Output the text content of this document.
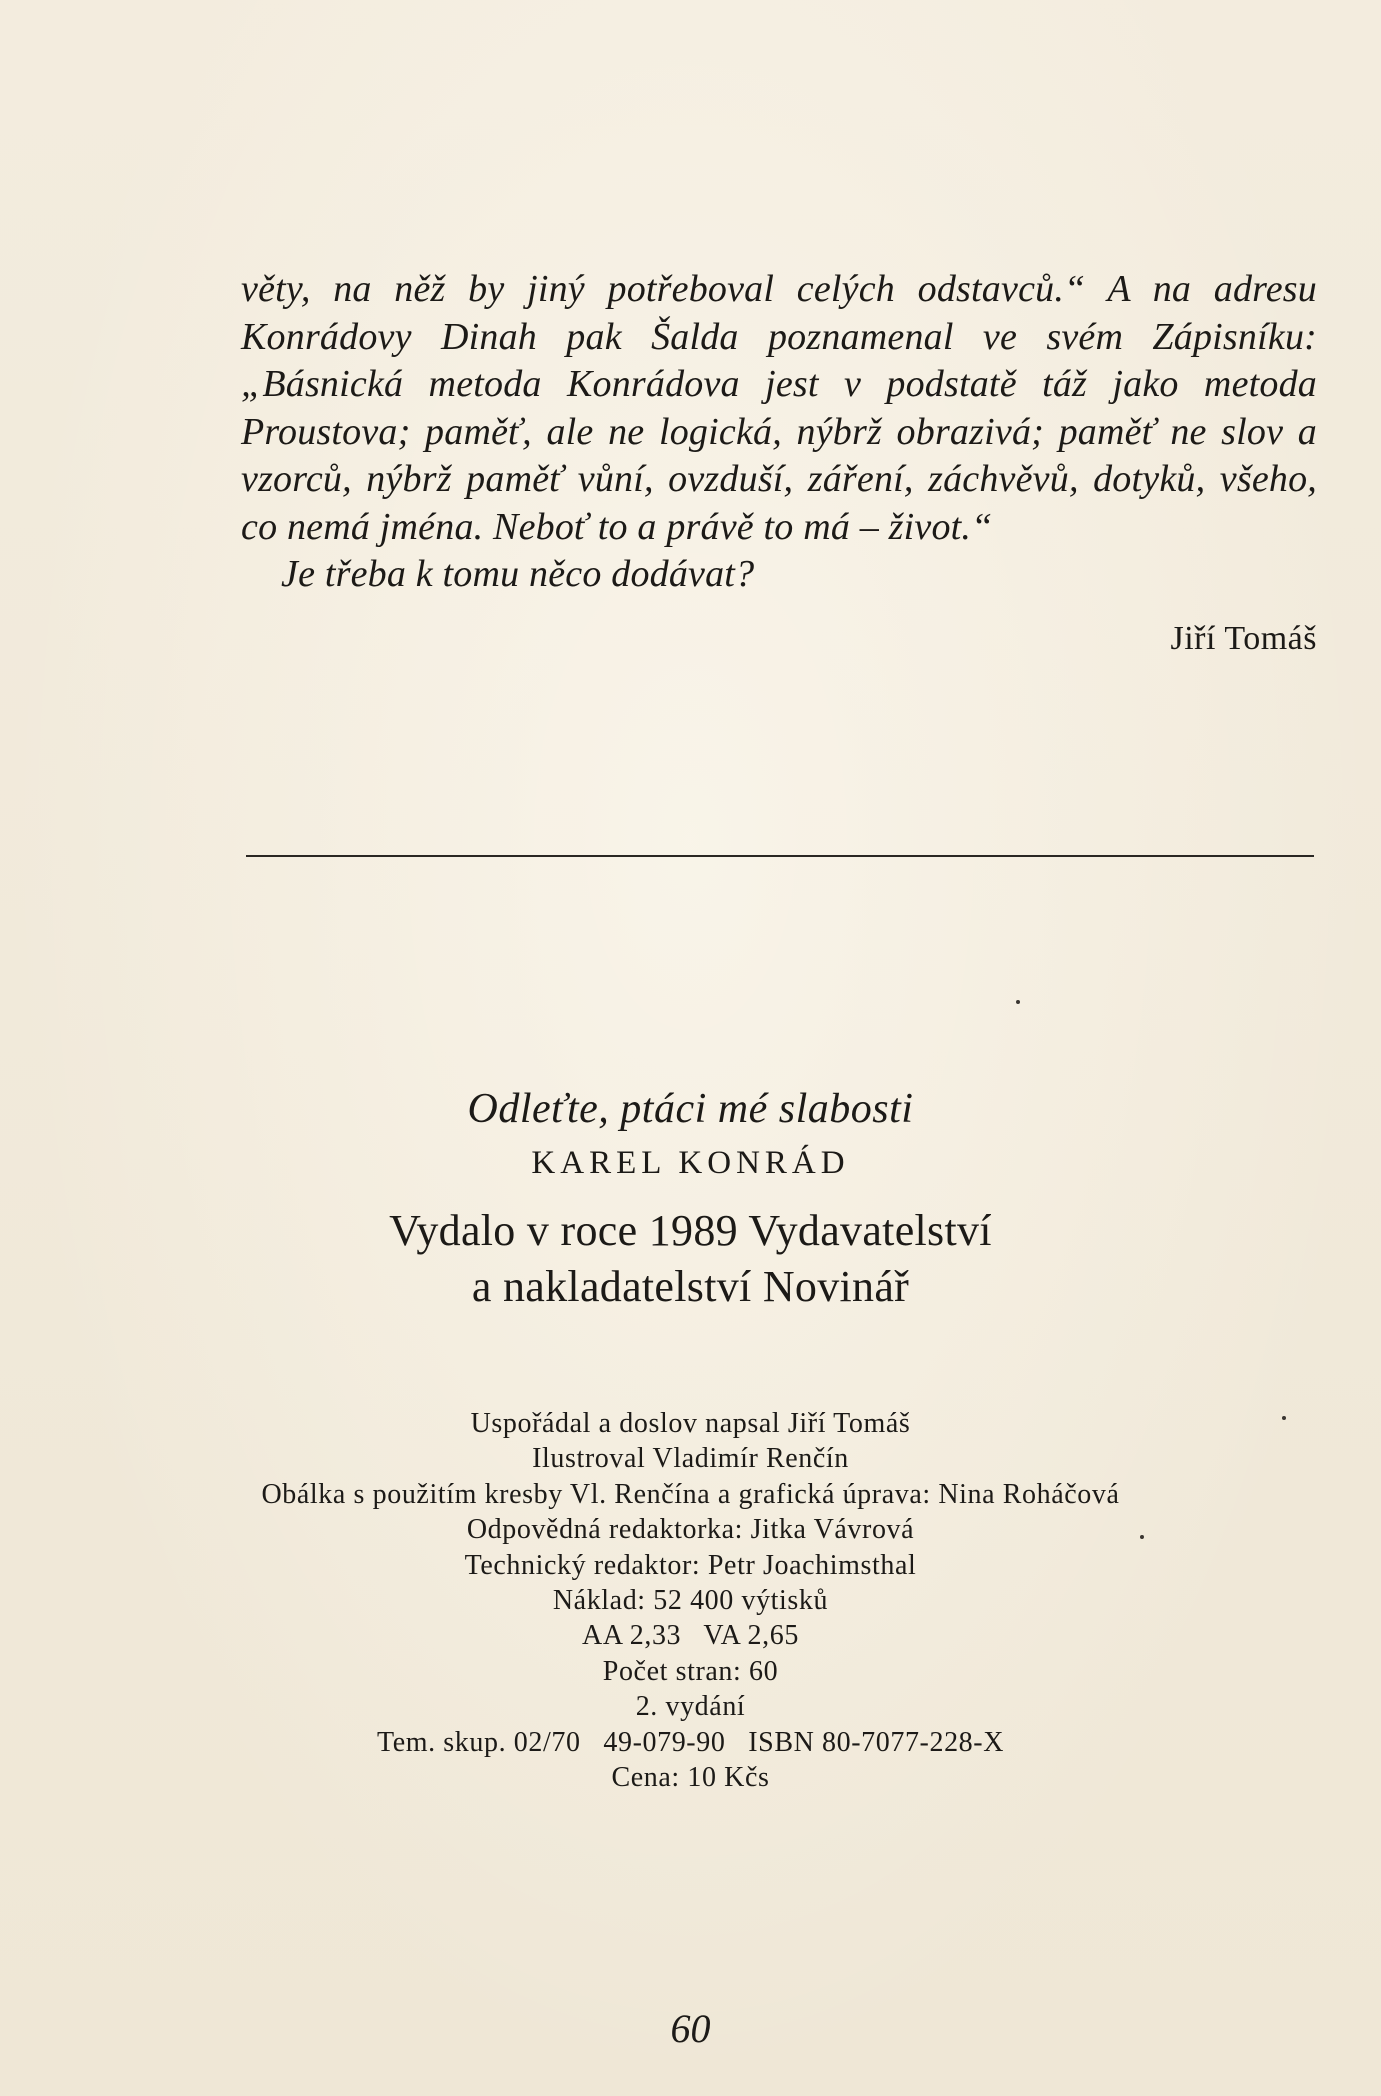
věty, na něž by jiný potřeboval celých odstavců.“ A na adresu Konrádovy Dinah pak Šalda poznamenal ve svém Zápisníku: „Básnická metoda Konrádova jest v podstatě táž jako metoda Proustova; paměť, ale ne logická, nýbrž obrazivá; paměť ne slov a vzorců, nýbrž paměť vůní, ovzduší, záření, záchvěvů, dotyků, všeho, co nemá jména. Neboť to a právě to má – život.“

Je třeba k tomu něco dodávat?

Jiří Tomáš
Odleťte, ptáci mé slabosti
KAREL KONRÁD
Vydalo v roce 1989 Vydavatelství
a nakladatelství Novinář
Uspořádal a doslov napsal Jiří Tomáš
Ilustroval Vladimír Renčín
Obálka s použitím kresby Vl. Renčína a grafická úprava: Nina Roháčová
Odpovědná redaktorka: Jitka Vávrová
Technický redaktor: Petr Joachimsthal
Náklad: 52 400 výtisků
AA 2,33   VA 2,65
Počet stran: 60
2. vydání
Tem. skup. 02/70   49-079-90   ISBN 80-7077-228-X
Cena: 10 Kčs
60
